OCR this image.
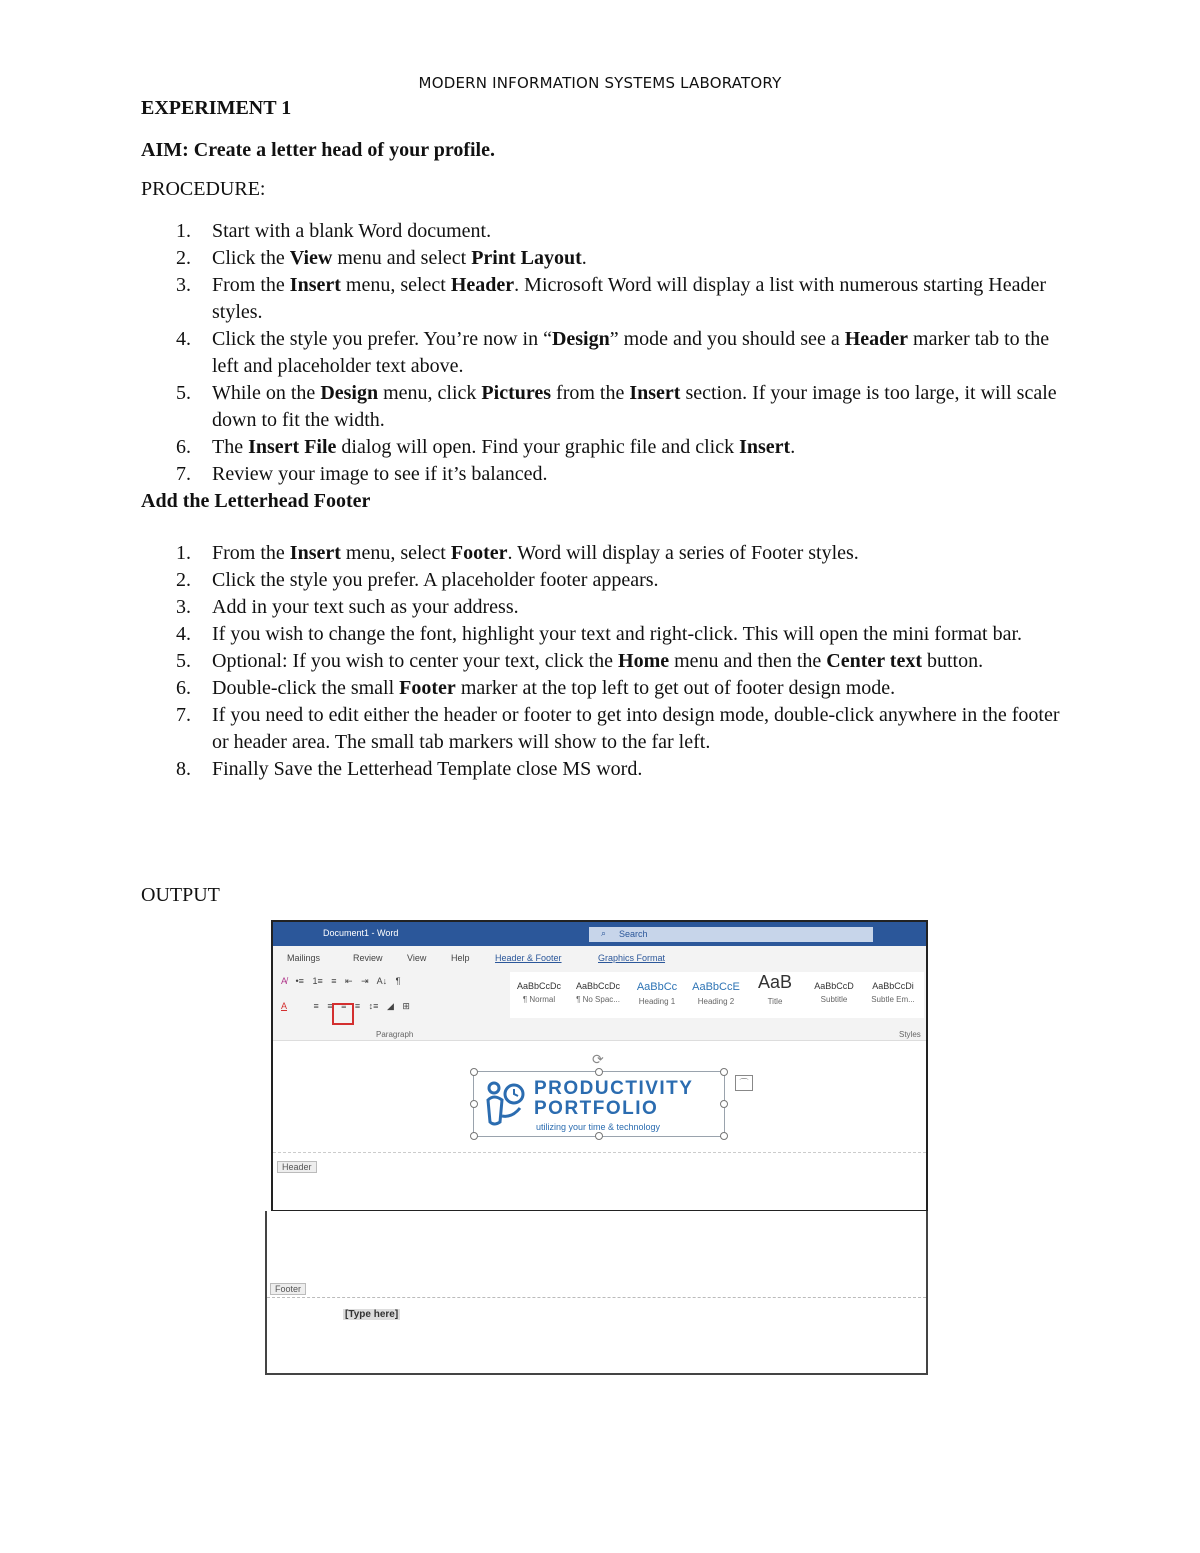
MODERN INFORMATION SYSTEMS LABORATORY
EXPERIMENT 1
AIM: Create a letter head of your profile.
PROCEDURE:
1. Start with a blank Word document.
2. Click the View menu and select Print Layout.
3. From the Insert menu, select Header. Microsoft Word will display a list with numerous starting Header styles.
4. Click the style you prefer. You’re now in “Design” mode and you should see a Header marker tab to the left and placeholder text above.
5. While on the Design menu, click Pictures from the Insert section. If your image is too large, it will scale down to fit the width.
6. The Insert File dialog will open. Find your graphic file and click Insert.
7. Review your image to see if it’s balanced.
Add the Letterhead Footer
1. From the Insert menu, select Footer. Word will display a series of Footer styles.
2. Click the style you prefer. A placeholder footer appears.
3. Add in your text such as your address.
4. If you wish to change the font, highlight your text and right-click. This will open the mini format bar.
5. Optional: If you wish to center your text, click the Home menu and then the Center text button.
6. Double-click the small Footer marker at the top left to get out of footer design mode.
7. If you need to edit either the header or footer to get into design mode, double-click anywhere in the footer or header area. The small tab markers will show to the far left.
8. Finally Save the Letterhead Template close MS word.
OUTPUT
Document1 - Word	⌕ Search
Mailings	Review	View	Help	Header & Footer	Graphics Format
A̸ •≡ 1≡ ≡ ⇤ ⇥ A↓ ¶
A	≡ ≡ ≡ ≡ ↕≡ ◢ ⊞
AaBbCcDc
¶ Normal
AaBbCcDc
¶ No Spac...
AaBbCc
Heading 1
AaBbCcE
Heading 2
AaB
Title
AaBbCcD
Subtitle
AaBbCcDi
Subtle Em...
Paragraph	Styles
⟳
PRODUCTIVITY
PORTFOLIO
utilizing your time & technology
⌒
Header
Footer
[Type here]
